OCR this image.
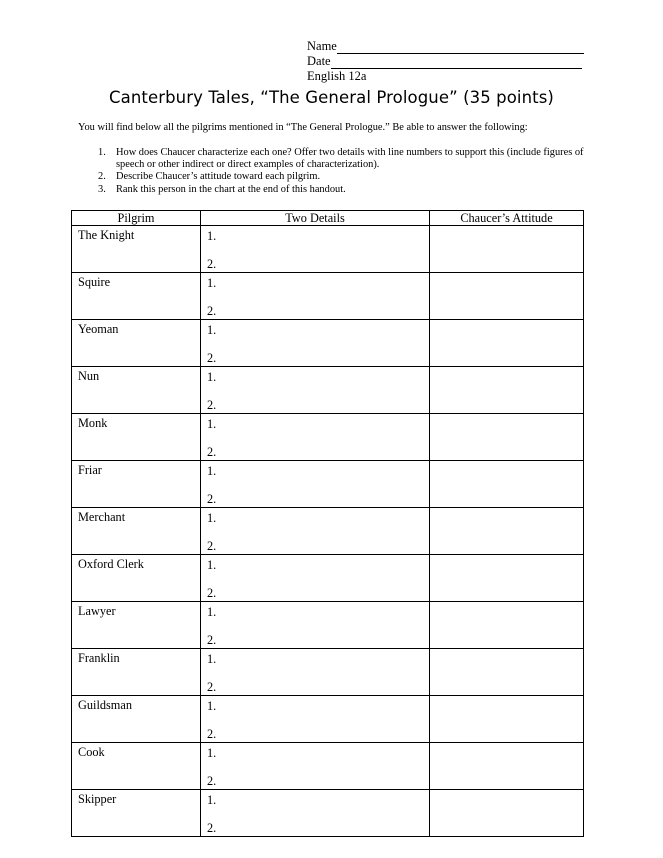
Name
Date
English 12a
Canterbury Tales, “The General Prologue” (35 points)
You will find below all the pilgrims mentioned in “The General Prologue.” Be able to answer the following:
1. How does Chaucer characterize each one? Offer two details with line numbers to support this (include figures of speech or other indirect or direct examples of characterization).
2. Describe Chaucer’s attitude toward each pilgrim.
3. Rank this person in the chart at the end of this handout.
Pilgrim	Two Details	Chaucer’s Attitude
The Knight	1.
2.	

Squire	1.
2.	

Yeoman	1.
2.	

Nun	1.
2.	

Monk	1.
2.	

Friar	1.
2.	

Merchant	1.
2.	

Oxford Clerk	1.
2.	

Lawyer	1.
2.	

Franklin	1.
2.	

Guildsman	1.
2.	

Cook	1.
2.	

Skipper	1.
2.	
